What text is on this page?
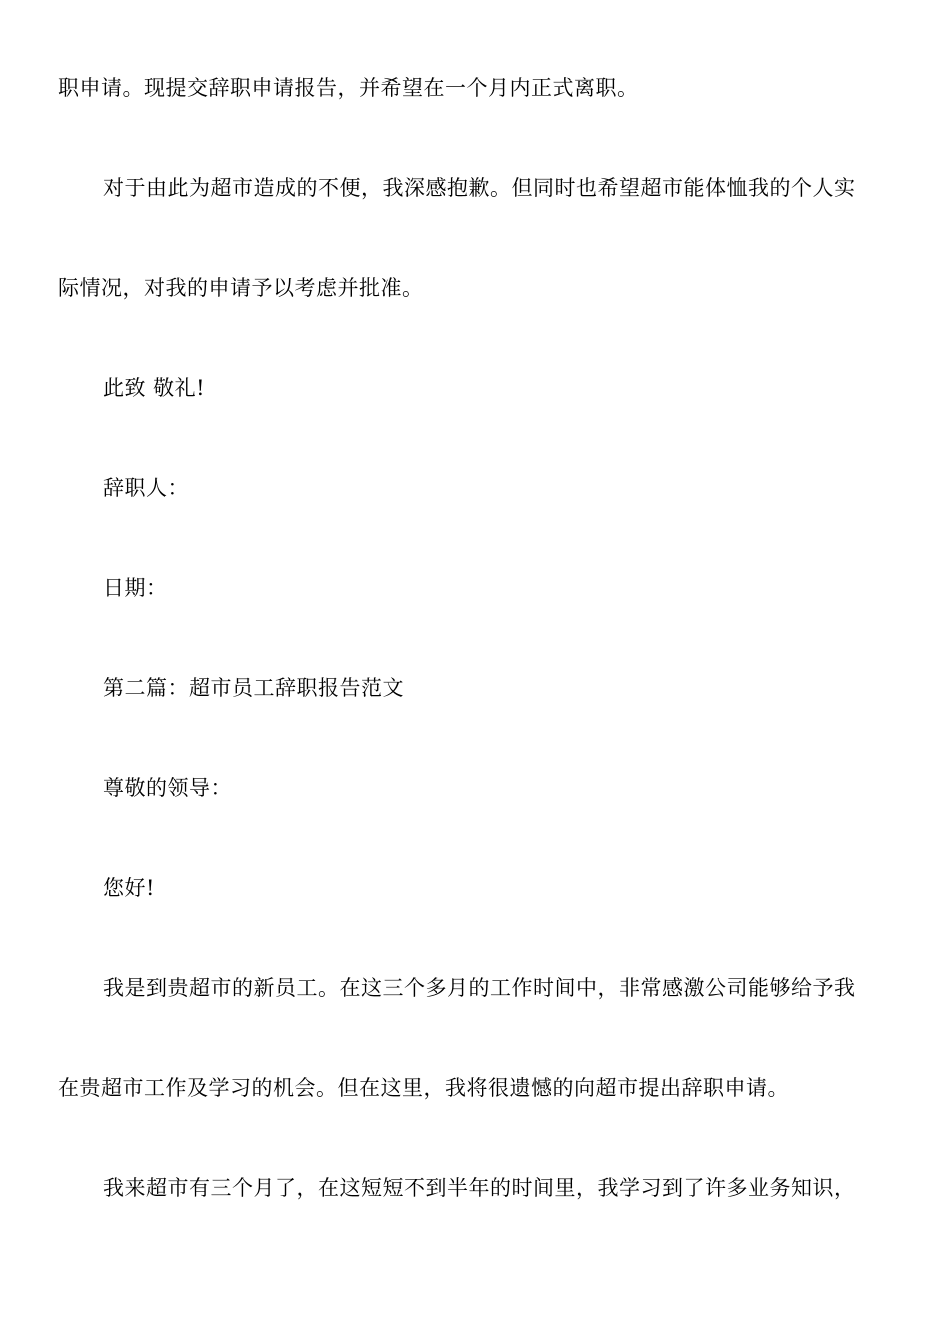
职申请。现提交辞职申请报告，并希望在一个月内正式离职。
对于由此为超市造成的不便，我深感抱歉。但同时也希望超市能体恤我的个人实
际情况，对我的申请予以考虑并批准。
此致 敬礼!
辞职人：
日期：
第二篇：超市员工辞职报告范文
尊敬的领导：
您好!
我是到贵超市的新员工。在这三个多月的工作时间中，非常感激公司能够给予我
在贵超市工作及学习的机会。但在这里，我将很遗憾的向超市提出辞职申请。
我来超市有三个月了，在这短短不到半年的时间里，我学习到了许多业务知识，
